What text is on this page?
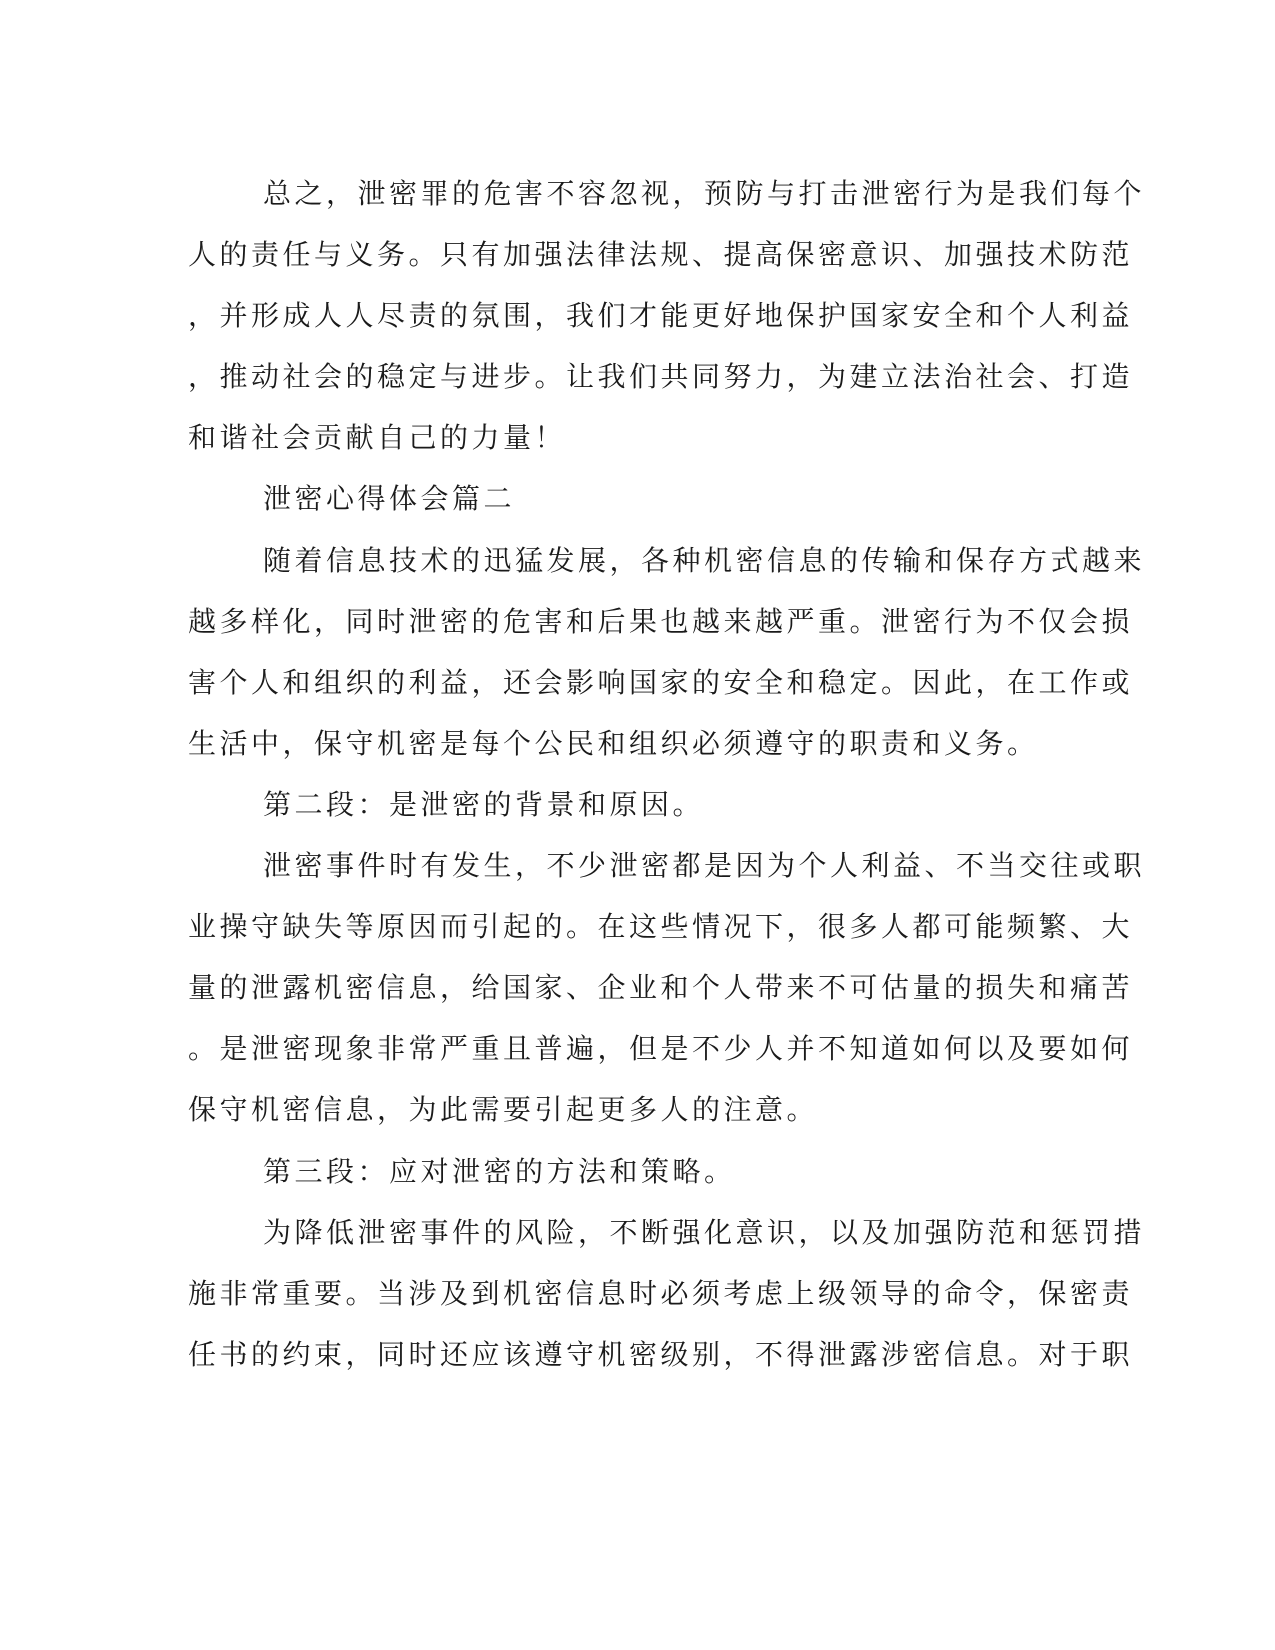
总之，泄密罪的危害不容忽视，预防与打击泄密行为是我们每个
人的责任与义务。只有加强法律法规、提高保密意识、加强技术防范
，并形成人人尽责的氛围，我们才能更好地保护国家安全和个人利益
，推动社会的稳定与进步。让我们共同努力，为建立法治社会、打造
和谐社会贡献自己的力量！
泄密心得体会篇二
随着信息技术的迅猛发展，各种机密信息的传输和保存方式越来
越多样化，同时泄密的危害和后果也越来越严重。泄密行为不仅会损
害个人和组织的利益，还会影响国家的安全和稳定。因此，在工作或
生活中，保守机密是每个公民和组织必须遵守的职责和义务。
第二段：是泄密的背景和原因。
泄密事件时有发生，不少泄密都是因为个人利益、不当交往或职
业操守缺失等原因而引起的。在这些情况下，很多人都可能频繁、大
量的泄露机密信息，给国家、企业和个人带来不可估量的损失和痛苦
。是泄密现象非常严重且普遍，但是不少人并不知道如何以及要如何
保守机密信息，为此需要引起更多人的注意。
第三段：应对泄密的方法和策略。
为降低泄密事件的风险，不断强化意识，以及加强防范和惩罚措
施非常重要。当涉及到机密信息时必须考虑上级领导的命令，保密责
任书的约束，同时还应该遵守机密级别，不得泄露涉密信息。对于职
